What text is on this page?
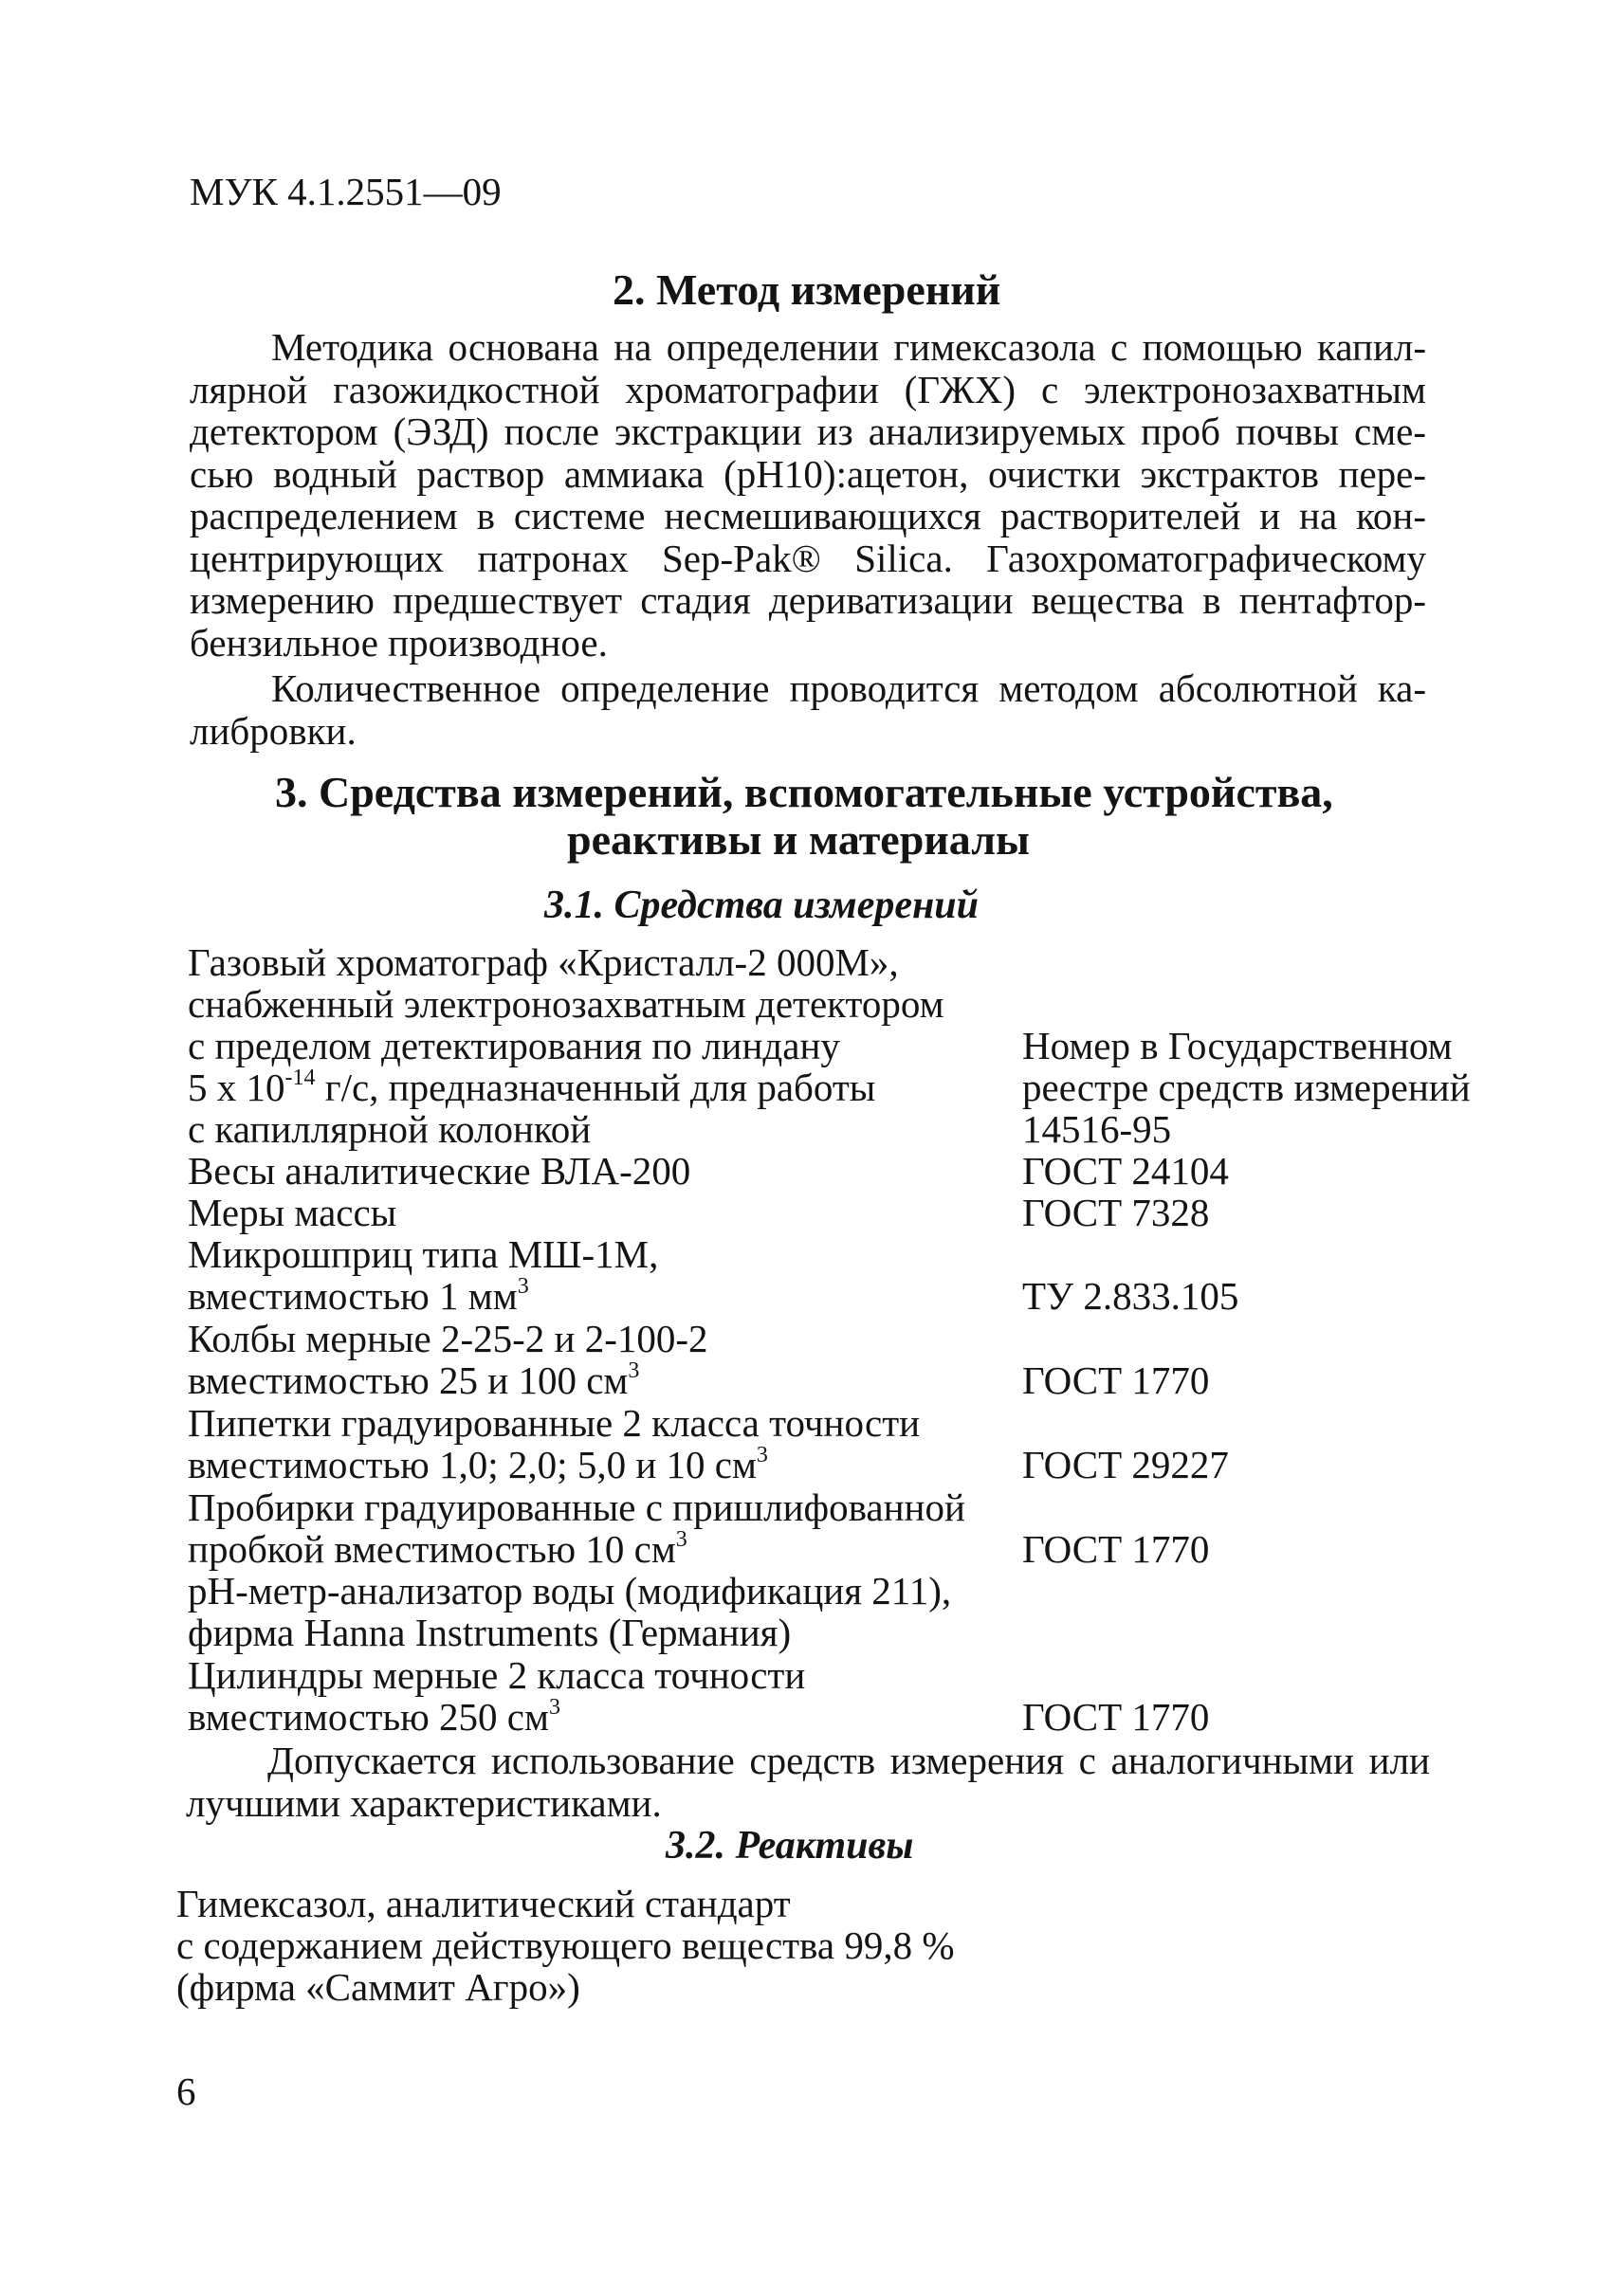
МУК 4.1.2551—09
2. Метод измерений
Методика основана на определении гимексазола с помощью капил-
лярной газожидкостной хроматографии (ГЖХ) с электронозахватным
детектором (ЭЗД) после экстракции из анализируемых проб почвы сме-
сью водный раствор аммиака (рН10):ацетон, очистки экстрактов пере-
распределением в системе несмешивающихся растворителей и на кон-
центрирующих патронах Sep-Pak® Silica. Газохроматографическому
измерению предшествует стадия дериватизации вещества в пентафтор-
бензильное производное.
Количественное определение проводится методом абсолютной ка-
либровки.
3. Средства измерений, вспомогательные устройства,
реактивы и материалы
3.1. Средства измерений
Газовый хроматограф «Кристалл-2 000М»,
снабженный электронозахватным детектором
с пределом детектирования по линдану	Номер в Государственном
5 х $10^{-14}$ г/с, предназначенный для работы	реестре средств измерений
с капиллярной колонкой	14516-95
Весы аналитические ВЛА-200	ГОСТ 24104
Меры массы	ГОСТ 7328
Микрошприц типа МШ-1М,
вместимостью 1 $мм^3$	ТУ 2.833.105
Колбы мерные 2-25-2 и 2-100-2
вместимостью 25 и 100 $см^3$	ГОСТ 1770
Пипетки градуированные 2 класса точности
вместимостью 1,0; 2,0; 5,0 и 10 $см^3$	ГОСТ 29227
Пробирки градуированные с пришлифованной
пробкой вместимостью 10 $см^3$	ГОСТ 1770
рН-метр-анализатор воды (модификация 211),
фирма Hanna Instruments (Германия)
Цилиндры мерные 2 класса точности
вместимостью 250 $см^3$	ГОСТ 1770
Допускается использование средств измерения с аналогичными или
лучшими характеристиками.
3.2. Реактивы
Гимексазол, аналитический стандарт
с содержанием действующего вещества 99,8 %
(фирма «Саммит Агро»)
6
